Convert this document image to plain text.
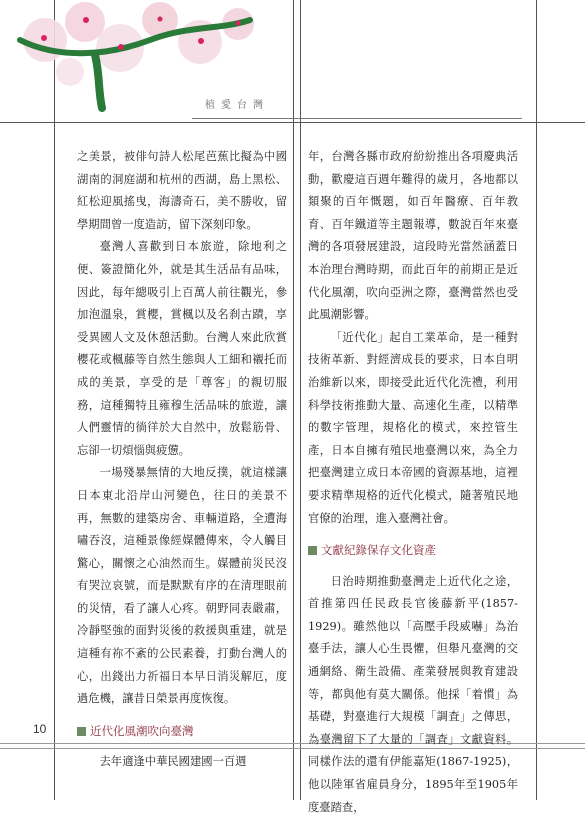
植愛台灣

之美景，被俳句詩人松尾芭蕉比擬為中國湖南的洞庭湖和杭州的西湖，島上黑松、紅松迎風搖曳，海濤奇石，美不勝收，留學期間曾一度造訪，留下深刻印象。

臺灣人喜歡到日本旅遊，除地利之便、簽證簡化外，就是其生活品有品味，因此，每年總吸引上百萬人前往觀光，參加泡溫泉，賞櫻，賞楓以及名刹古蹟，享受異國人文及休憩活動。台灣人來此欣賞櫻花或楓藤等自然生態與人工細和襯托而成的美景，享受的是「尊客」的親切服務，這種獨特且雍穆生活品味的旅遊，讓人們靈情的徜徉於大自然中，放鬆筋骨、忘卻一切煩惱與疲憊。

一場殘暴無情的大地反撲，就這樣讓日本東北沿岸山河變色，往日的美景不再，無數的建築房舍、車輛道路，全遭海嘯吞沒，這種景像經媒體傳來，令人觸目驚心，關懷之心油然而生。媒體前災民沒有哭泣哀號，而是默默有序的在清理眼前的災情，看了讓人心疼。朝野同表嚴肅，冷靜堅強的面對災後的救援與重建，就是這種有祢不紊的公民素養，打動台灣人的心，出錢出力祈福日本早日消災解厄，度過危機，讓昔日榮景再度恢復。

近代化風潮吹向臺灣

去年適逢中華民國建國一百週

年，台灣各縣市政府紛紛推出各項慶典活動，歡慶這百週年難得的歲月，各地都以類聚的百年慨題，如百年醫療、百年教育、百年鐵道等主題報導，數說百年來臺灣的各項發展建設，這段時光當然涵蓋日本治理台灣時期，而此百年的前期正是近代化風潮，吹向亞洲之際，臺灣當然也受此風潮影響。

「近代化」起自工業革命，是一種對技術革新、對經濟成長的要求，日本自明治維新以來，即接受此近代化洗禮，利用科學技術推動大量、高速化生產，以精準的數字管理，規格化的模式，來控管生產，日本自擁有殖民地臺灣以來，為全力把臺灣建立成日本帝國的資源基地，這裡要求精準規格的近代化模式，隨著殖民地官僚的治理，進入臺灣社會。

文獻紀錄保存文化資產

日治時期推動臺灣走上近代化之途，首推第四任民政長官後藤新平(1857-1929)。雖然他以「高壓手段威嚇」為治臺手法，讓人心生畏懼，但舉凡臺灣的交通網絡、衛生設備、產業發展與教育建設等，都與他有莫大關係。他採「着慣」為基礎，對臺進行大規模「調査」之傳思，為臺灣留下了大量的「調査」文獻資料。同樣作法的還有伊能嘉矩(1867-1925)，他以陸軍省雇員身分，1895年至1905年度臺踏查，

10
